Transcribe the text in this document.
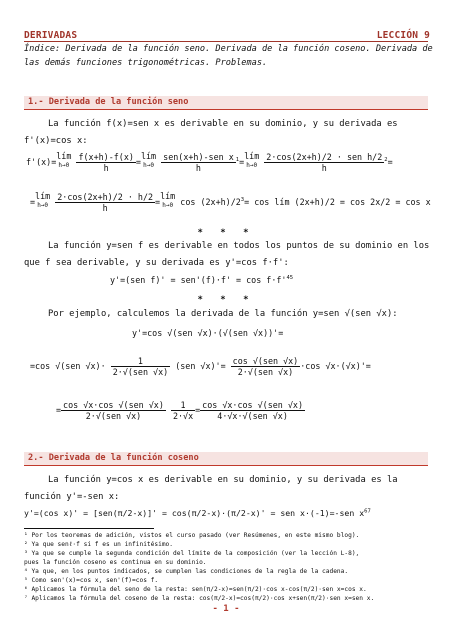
DERIVADAS	LECCIÓN 9
Índice: Derivada de la función seno. Derivada de la función coseno. Derivada de las demás funciones trigonométricas. Problemas.
1.- Derivada de la función seno
La función f(x)=sen x es derivable en su dominio, y su derivada es f'(x)=cos x:
f'(x)=lím
h→0
$\frac{f(x+h)-f(x)}{h}$ =lím
h→0
$\frac{\text{sen(x+h)-sen x}}{h}$ $^1$=lím
h→0
$\frac{\text{2·cos(2x+h)/2 · sen h/2}}{h} ^2=$
=lím
h→0
$\frac{2\cdot\cos(2x+h)/2 \cdot h/2}{h}$ =lím
h→0 $\cos (2x+h)/2^3= \cos$ lím (2x+h)/2 = cos 2x/2 = cos x
* * *
La función y=sen f es derivable en todos los puntos de su dominio en los que f sea derivable, y su derivada es y'=cos f·f':
y'=(sen $f)' = sen'(f)\cdot f' = \cos f\cdot f'^{45}$
* * *
Por ejemplo, calculemos la derivada de la función y=sen √(sen √x):
y'=cos √(sen √x)·(√(sen √x))'=
=cos √(sen $√x)\cdot \frac{1}{\text{2·√(sen √x)}} (sen$ $√x)'= \frac{\text{cos √(sen √x)}}{\text{2·√(sen √x)}} \cdot\cos$ √x·(√x)'=
= $\frac{\text{cos √x·cos √(sen √x)}}{\text{2·√(sen √x)}}$
$\frac{1}{2\cdot√x} = \frac{\text{cos √x·cos √(sen √x)}}{\text{4·√x·√(sen √x)}}$
2.- Derivada de la función coseno
La función y=cos x es derivable en su dominio, y su derivada es la función y'=-sen x:
y'=(cos x)' = [sen(π/2-x)]' = cos(π/2-x)·(π/2-x)' = sen x·(-1)=-sen $x^{67}$
¹ Por los teoremas de adición, vistos el curso pasado (ver Resúmenes, en este mismo blog).
² Ya que senℓ·f si f es un infinitésimo.
³ Ya que se cumple la segunda condición del límite de la composición (ver la lección L-8),
pues la función coseno es continua en su dominio.
⁴ Ya que, en los puntos indicados, se cumplen las condiciones de la regla de la cadena.
⁵ Como sen'(x)=cos x, sen'(f)=cos f.
⁶ Aplicamos la fórmula del seno de la resta: sen(π/2-x)=sen(π/2)·cos x-cos(π/2)·sen x=cos x.
⁷ Aplicamos la fórmula del coseno de la resta: cos(π/2-x)=cos(π/2)·cos x+sen(π/2)·sen x=sen x.
- 1 -
